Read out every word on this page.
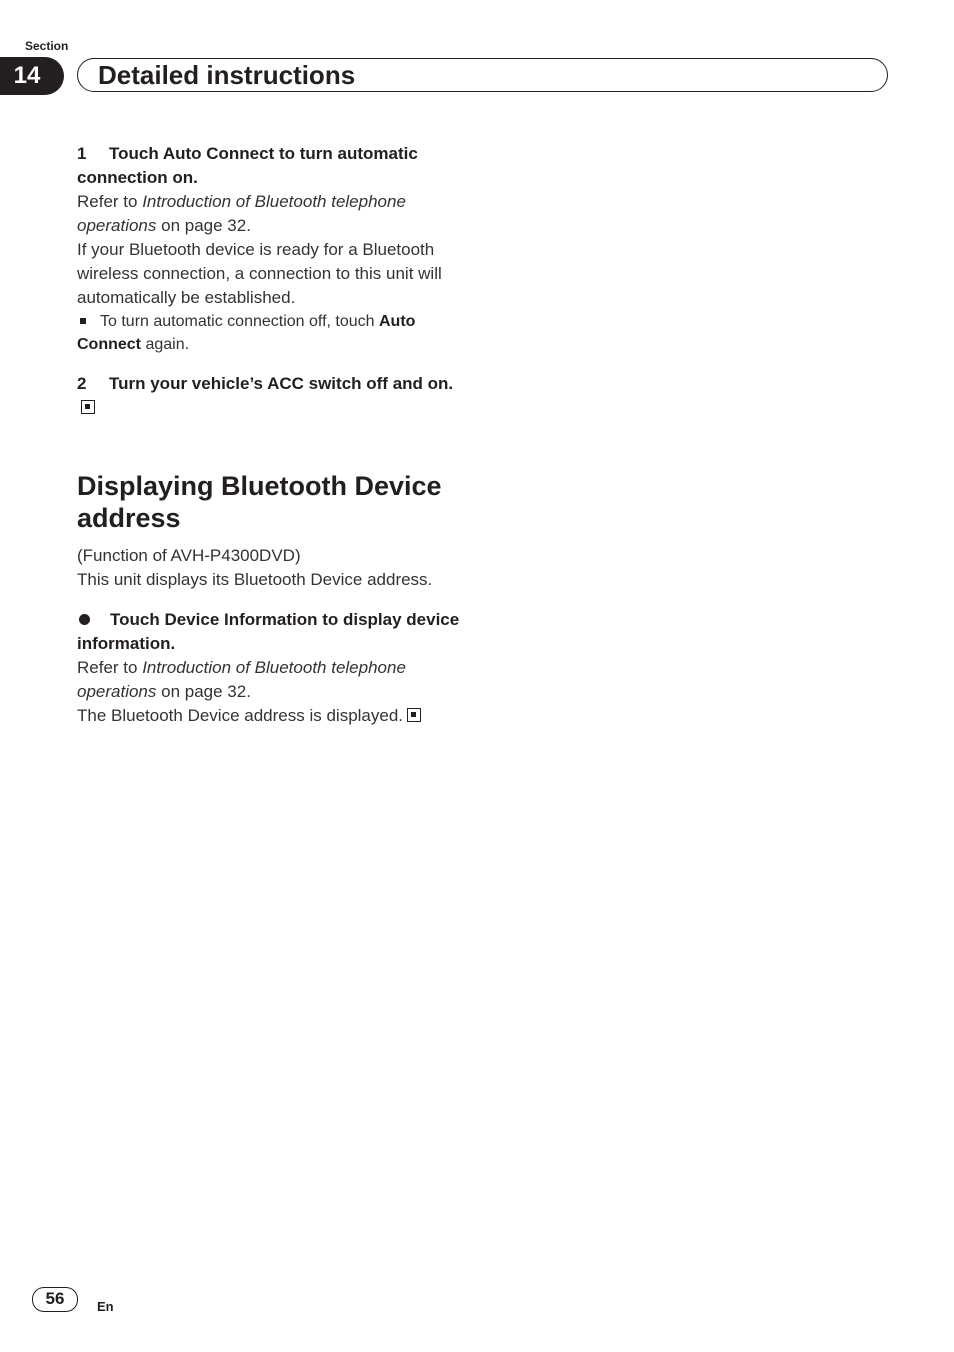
Section
14	Detailed instructions

1 Touch Auto Connect to turn automatic connection on.

Refer to Introduction of Bluetooth telephone operations on page 32.

If your Bluetooth device is ready for a Bluetooth wireless connection, a connection to this unit will automatically be established.

To turn automatic connection off, touch Auto Connect again.

2 Turn your vehicle’s ACC switch off and on.

Displaying Bluetooth Device address

(Function of AVH-P4300DVD)

This unit displays its Bluetooth Device address.

Touch Device Information to display device information.

Refer to Introduction of Bluetooth telephone operations on page 32.

The Bluetooth Device address is displayed.

56	En
